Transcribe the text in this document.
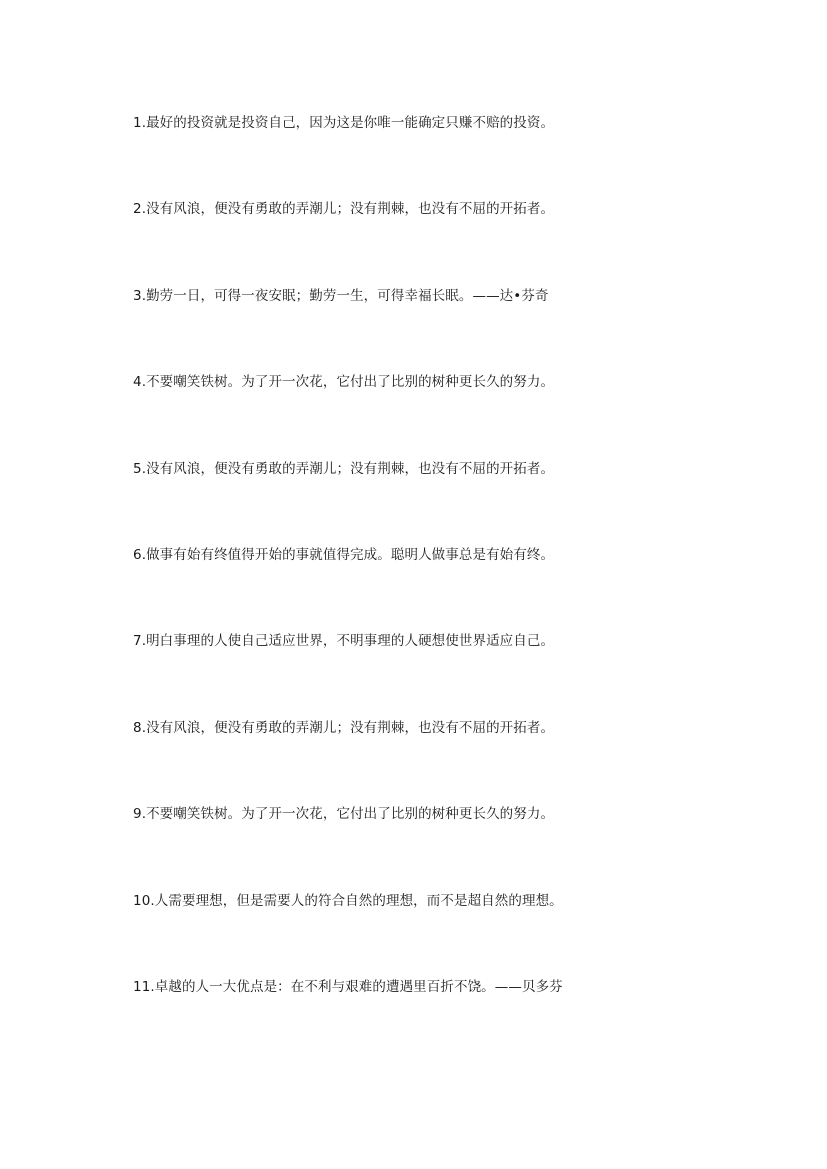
1.最好的投资就是投资自己，因为这是你唯一能确定只赚不赔的投资。

2.没有风浪，便没有勇敢的弄潮儿；没有荆棘，也没有不屈的开拓者。

3.勤劳一日，可得一夜安眠；勤劳一生，可得幸福长眠。——达•芬奇

4.不要嘲笑铁树。为了开一次花，它付出了比别的树种更长久的努力。

5.没有风浪，便没有勇敢的弄潮儿；没有荆棘，也没有不屈的开拓者。

6.做事有始有终值得开始的事就值得完成。聪明人做事总是有始有终。

7.明白事理的人使自己适应世界，不明事理的人硬想使世界适应自己。

8.没有风浪，便没有勇敢的弄潮儿；没有荆棘，也没有不屈的开拓者。

9.不要嘲笑铁树。为了开一次花，它付出了比别的树种更长久的努力。

10.人需要理想，但是需要人的符合自然的理想，而不是超自然的理想。

11.卓越的人一大优点是：在不利与艰难的遭遇里百折不饶。——贝多芬
